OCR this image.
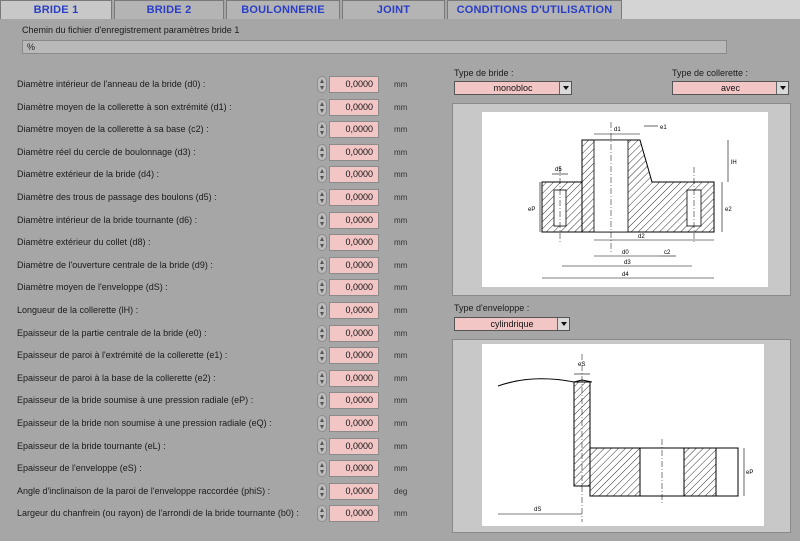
BRIDE 1	BRIDE 2	BOULONNERIE	JOINT	CONDITIONS D'UTILISATION
Chemin du fichier d'enregistrement paramètres bride 1
%
Diamètre intérieur de l'anneau de la bride (d0) :	0,0000	mm
Diamètre moyen de la collerette à son extrémité (d1) :	0,0000	mm
Diamètre moyen de la collerette à sa base (c2) :	0,0000	mm
Diamètre réel du cercle de boulonnage (d3) :	0,0000	mm
Diamètre extérieur de la bride (d4) :	0,0000	mm
Diamètre des trous de passage des boulons (d5) :	0,0000	mm
Diamètre intérieur de la bride tournante (d6) :	0,0000	mm
Diamètre extérieur du collet (d8) :	0,0000	mm
Diamètre de l'ouverture centrale de la bride (d9) :	0,0000	mm
Diamètre moyen de l'enveloppe (dS) :	0,0000	mm
Longueur de la collerette (lH) :	0,0000	mm
Epaisseur de la partie centrale de la bride (e0) :	0,0000	mm
Epaisseur de paroi à l'extrémité de la collerette (e1) :	0,0000	mm
Epaisseur de paroi à la base de la collerette (e2) :	0,0000	mm
Epaisseur de la bride soumise à une pression radiale (eP) :	0,0000	mm
Epaisseur de la bride non soumise à une pression radiale (eQ) :	0,0000	mm
Epaisseur de la bride tournante (eL) :	0,0000	mm
Epaisseur de l'enveloppe (eS) :	0,0000	mm
Angle d'inclinaison de la paroi de l'enveloppe raccordée (phiS) :	0,0000	deg
Largeur du chanfrein (ou rayon) de l'arrondi de la bride tournante (b0) :	0,0000	mm
Type de bride :
monobloc
Type de collerette :
avec
d1	e1
d5
eP
lH
e2
d2
d0	c2
d3
d4
Type d'enveloppe :
cylindrique
eS
dS
eP
